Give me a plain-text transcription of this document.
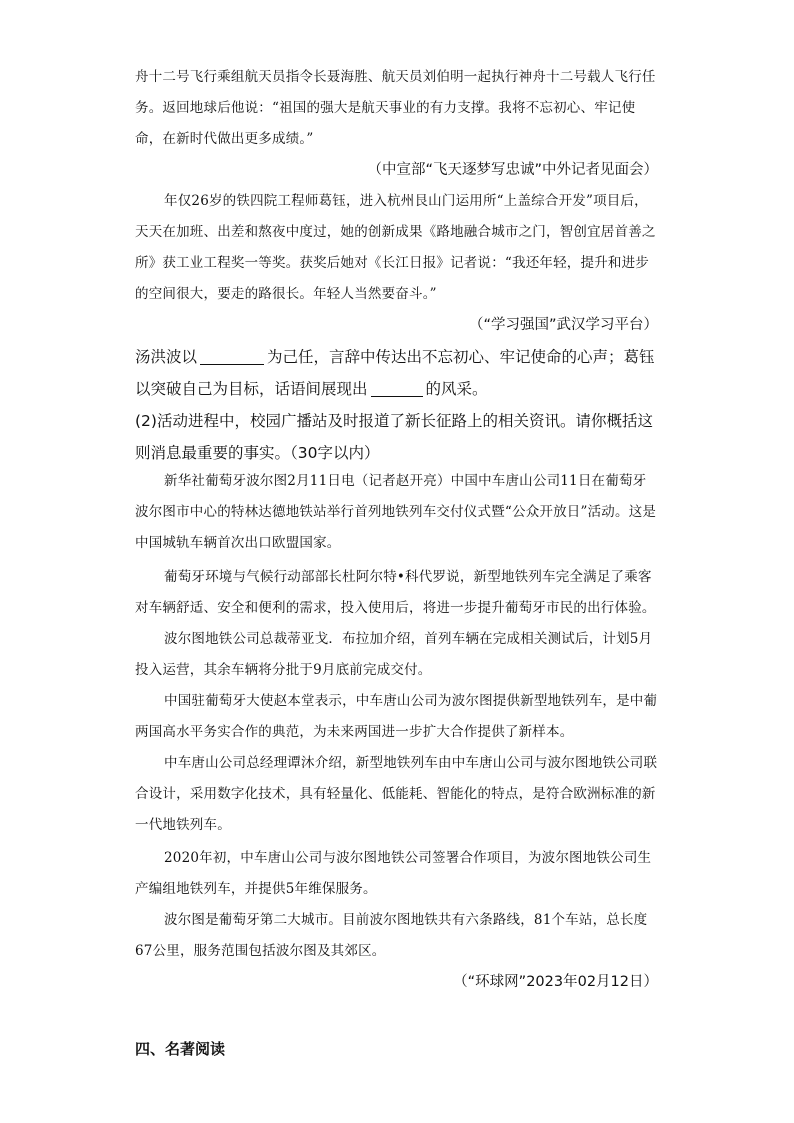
舟十二号飞行乘组航天员指令长聂海胜、航天员刘伯明一起执行神舟十二号载人飞行任务。返回地球后他说：“祖国的强大是航天事业的有力支撑。我将不忘初心、牢记使命，在新时代做出更多成绩。”

（中宣部“飞天逐梦写忠诚”中外记者见面会）

年仅26岁的铁四院工程师葛钰，进入杭州艮山门运用所“上盖综合开发”项目后，天天在加班、出差和熬夜中度过，她的创新成果《路地融合城市之门，智创宜居首善之所》获工业工程奖一等奖。获奖后她对《长江日报》记者说：“我还年轻，提升和进步的空间很大，要走的路很长。年轻人当然要奋斗。”

（“学习强国”武汉学习平台）

汤洪波以	为己任，言辞中传达出不忘初心、牢记使命的心声；葛钰以突破自己为目标，话语间展现出	的风采。

(2)活动进程中，校园广播站及时报道了新长征路上的相关资讯。请你概括这则消息最重要的事实。（30字以内）

新华社葡萄牙波尔图2月11日电（记者赵开亮）中国中车唐山公司11日在葡萄牙波尔图市中心的特林达德地铁站举行首列地铁列车交付仪式暨“公众开放日”活动。这是中国城轨车辆首次出口欧盟国家。

葡萄牙环境与气候行动部部长杜阿尔特•科代罗说，新型地铁列车完全满足了乘客对车辆舒适、安全和便利的需求，投入使用后，将进一步提升葡萄牙市民的出行体验。

波尔图地铁公司总裁蒂亚戈．布拉加介绍，首列车辆在完成相关测试后，计划5月投入运营，其余车辆将分批于9月底前完成交付。

中国驻葡萄牙大使赵本堂表示，中车唐山公司为波尔图提供新型地铁列车，是中葡两国高水平务实合作的典范，为未来两国进一步扩大合作提供了新样本。

中车唐山公司总经理谭沐介绍，新型地铁列车由中车唐山公司与波尔图地铁公司联合设计，采用数字化技术，具有轻量化、低能耗、智能化的特点，是符合欧洲标准的新一代地铁列车。

2020年初，中车唐山公司与波尔图地铁公司签署合作项目，为波尔图地铁公司生产编组地铁列车，并提供5年维保服务。

波尔图是葡萄牙第二大城市。目前波尔图地铁共有六条路线，81个车站，总长度67公里，服务范围包括波尔图及其郊区。

（“环球网”2023年02月12日）

四、名著阅读
